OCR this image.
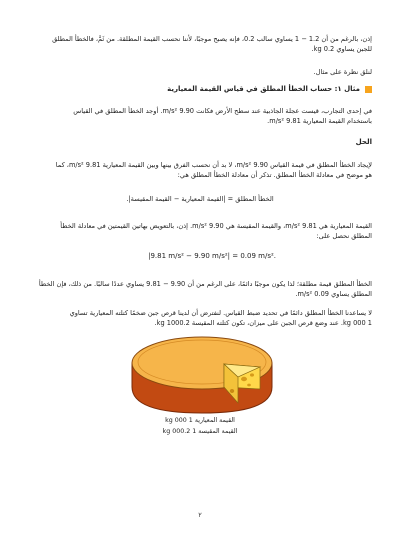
إذن، بالرغم من أن 1.2 − 1 يساوي سالب 0.2، فإنه يصبح موجبًا، لأننا نحسب القيمة المطلقة. من ثَمَّ، فالخطأ المطلق
للجبن يساوي 0.2 kg.

لنلق نظرة على مثال.

مثال ١: حساب الخطأ المطلق في قياس القيمة المعيارية

في إحدى التجارب، قيست عجلة الجاذبية عند سطح الأرض فكانت 9.90 m/s². أوجد الخطأ المطلق في القياس
باستخدام القيمة المعيارية 9.81 m/s².

الحل

لإيجاد الخطأ المطلق في قيمة القياس 9.90 m/s²، لا بد أن نحسب الفرق بينها وبين القيمة المعيارية 9.81 m/s²، كما
هو موضح في معادلة الخطأ المطلق. تذكر أن معادلة الخطأ المطلق هي:

الخطأ المطلق = |القيمة المعيارية − القيمة المقيسة|.

القيمة المعيارية هي 9.81 m/s²، والقيمة المقيسة هي 9.90 m/s². إذن، بالتعويض بهاتين القيمتين في معادلة الخطأ
المطلق نحصل على:

|9.81 m/s² − 9.90 m/s²| = 0.09 m/s².

الخطأ المطلق قيمة مطلقة؛ لذا يكون موجبًا دائمًا، على الرغم من أن 9.90 − 9.81 يساوي عددًا سالبًا. من ذلك، فإن الخطأ
المطلق يساوي 0.09 m/s².

لا يساعدنا الخطأ المطلق دائمًا في تحديد ضبط القياس. لنفترض أن لدينا قرص جبن ضخمًا كتلته المعيارية تساوي
1 000 kg. عند وضع قرص الجبن على ميزان، تكون كتلته المقيسة 1000.2 kg.

القيمة المعيارية 1 000 kg
القيمة المقيسة 1 000.2 kg
٢
